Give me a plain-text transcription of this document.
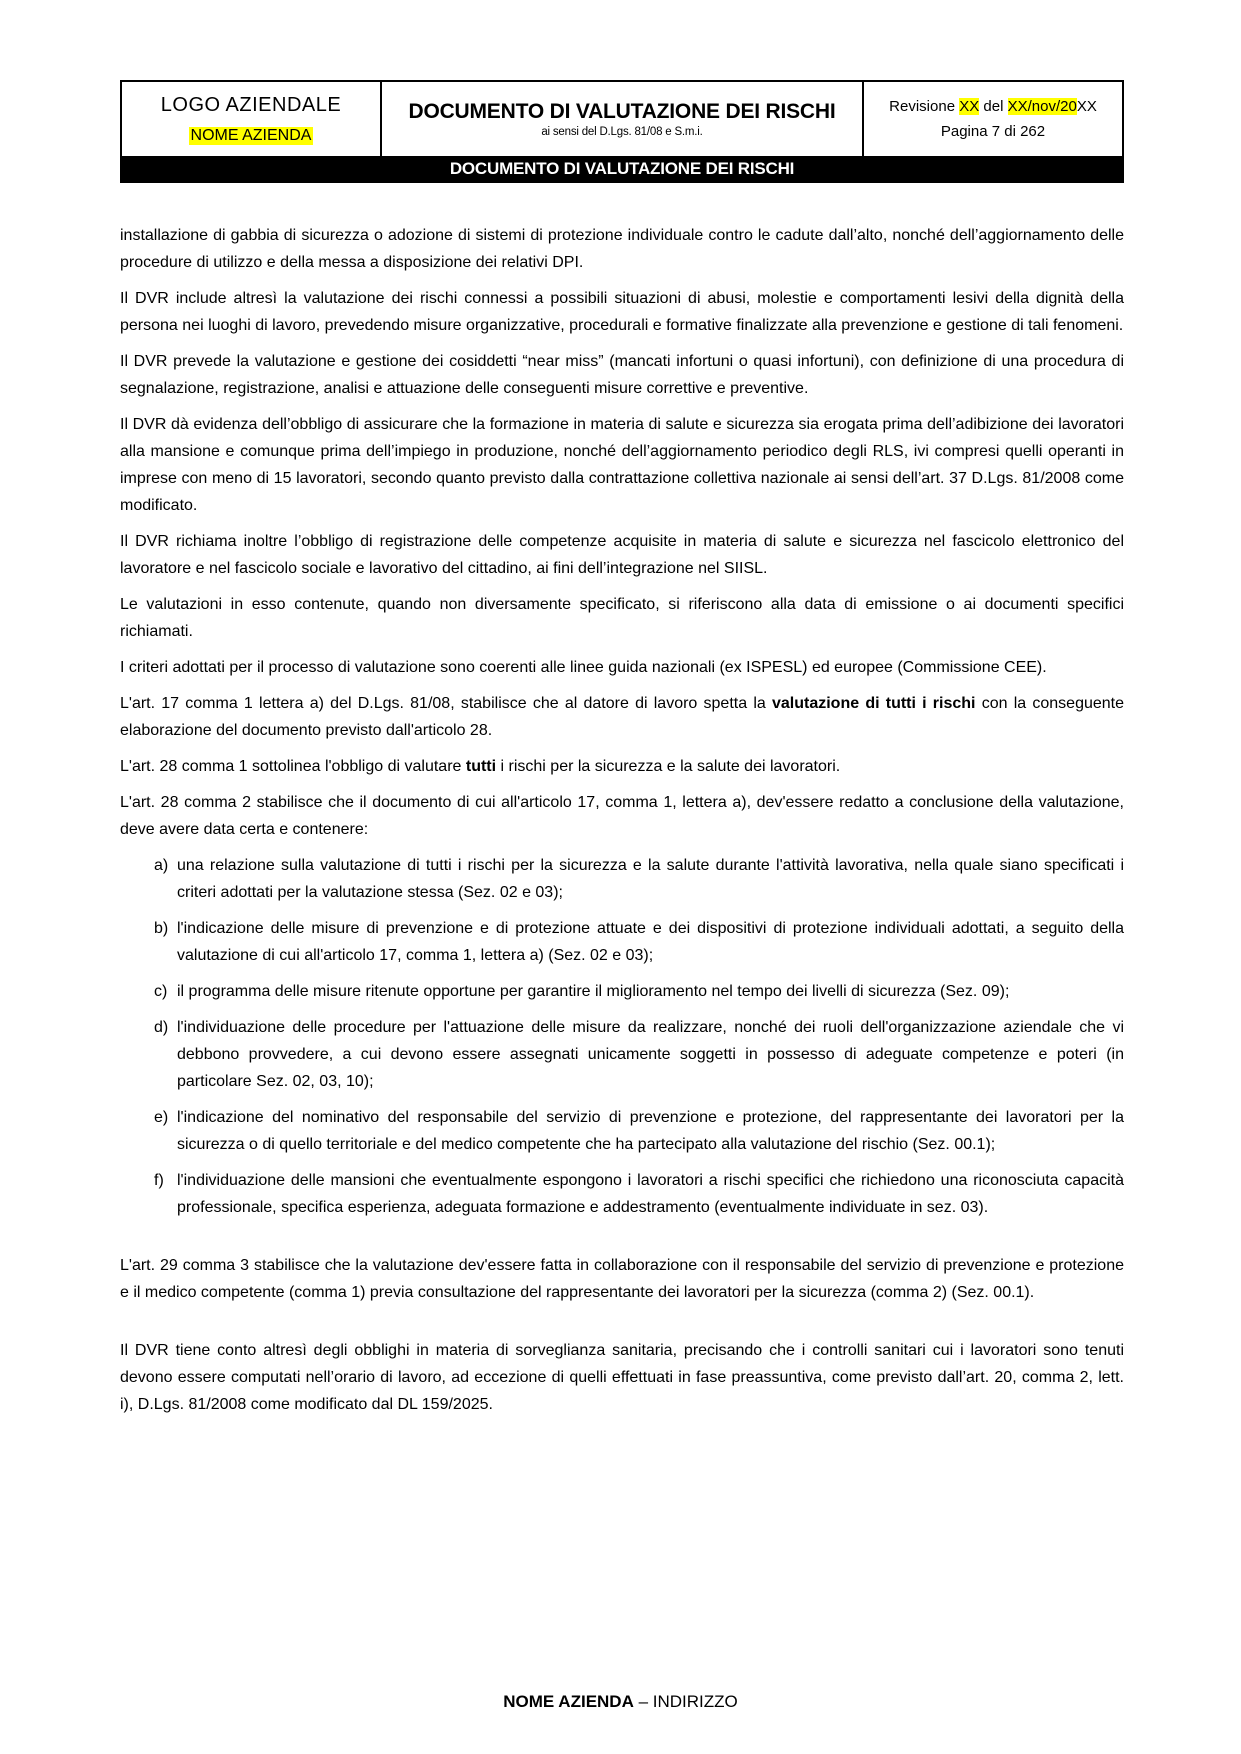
LOGO AZIENDALE
NOME AZIENDA
DOCUMENTO DI VALUTAZIONE DEI RISCHI
ai sensi del D.Lgs. 81/08 e S.m.i.
Revisione XX del XX/nov/20XX
Pagina 7 di 262
DOCUMENTO DI VALUTAZIONE DEI RISCHI

installazione di gabbia di sicurezza o adozione di sistemi di protezione individuale contro le cadute dall’alto, nonché dell’aggiornamento delle procedure di utilizzo e della messa a disposizione dei relativi DPI.

Il DVR include altresì la valutazione dei rischi connessi a possibili situazioni di abusi, molestie e comportamenti lesivi della dignità della persona nei luoghi di lavoro, prevedendo misure organizzative, procedurali e formative finalizzate alla prevenzione e gestione di tali fenomeni.

Il DVR prevede la valutazione e gestione dei cosiddetti “near miss” (mancati infortuni o quasi infortuni), con definizione di una procedura di segnalazione, registrazione, analisi e attuazione delle conseguenti misure correttive e preventive.

Il DVR dà evidenza dell’obbligo di assicurare che la formazione in materia di salute e sicurezza sia erogata prima dell’adibizione dei lavoratori alla mansione e comunque prima dell’impiego in produzione, nonché dell’aggiornamento periodico degli RLS, ivi compresi quelli operanti in imprese con meno di 15 lavoratori, secondo quanto previsto dalla contrattazione collettiva nazionale ai sensi dell’art. 37 D.Lgs. 81/2008 come modificato.

Il DVR richiama inoltre l’obbligo di registrazione delle competenze acquisite in materia di salute e sicurezza nel fascicolo elettronico del lavoratore e nel fascicolo sociale e lavorativo del cittadino, ai fini dell’integrazione nel SIISL.

Le valutazioni in esso contenute, quando non diversamente specificato, si riferiscono alla data di emissione o ai documenti specifici richiamati.

I criteri adottati per il processo di valutazione sono coerenti alle linee guida nazionali (ex ISPESL) ed europee (Commissione CEE).

L'art. 17 comma 1 lettera a) del D.Lgs. 81/08, stabilisce che al datore di lavoro spetta la valutazione di tutti i rischi con la conseguente elaborazione del documento previsto dall'articolo 28.

L'art. 28 comma 1 sottolinea l'obbligo di valutare tutti i rischi per la sicurezza e la salute dei lavoratori.

L'art. 28 comma 2 stabilisce che il documento di cui all'articolo 17, comma 1, lettera a), dev'essere redatto a conclusione della valutazione, deve avere data certa e contenere:

a) una relazione sulla valutazione di tutti i rischi per la sicurezza e la salute durante l'attività lavorativa, nella quale siano specificati i criteri adottati per la valutazione stessa (Sez. 02 e 03);
b) l'indicazione delle misure di prevenzione e di protezione attuate e dei dispositivi di protezione individuali adottati, a seguito della valutazione di cui all'articolo 17, comma 1, lettera a) (Sez. 02 e 03);
c) il programma delle misure ritenute opportune per garantire il miglioramento nel tempo dei livelli di sicurezza (Sez. 09);
d) l'individuazione delle procedure per l'attuazione delle misure da realizzare, nonché dei ruoli dell'organizzazione aziendale che vi debbono provvedere, a cui devono essere assegnati unicamente soggetti in possesso di adeguate competenze e poteri (in particolare Sez. 02, 03, 10);
e) l'indicazione del nominativo del responsabile del servizio di prevenzione e protezione, del rappresentante dei lavoratori per la sicurezza o di quello territoriale e del medico competente che ha partecipato alla valutazione del rischio (Sez. 00.1);
f) l'individuazione delle mansioni che eventualmente espongono i lavoratori a rischi specifici che richiedono una riconosciuta capacità professionale, specifica esperienza, adeguata formazione e addestramento (eventualmente individuate in sez. 03).

L'art. 29 comma 3 stabilisce che la valutazione dev'essere fatta in collaborazione con il responsabile del servizio di prevenzione e protezione e il medico competente (comma 1) previa consultazione del rappresentante dei lavoratori per la sicurezza (comma 2) (Sez. 00.1).

Il DVR tiene conto altresì degli obblighi in materia di sorveglianza sanitaria, precisando che i controlli sanitari cui i lavoratori sono tenuti devono essere computati nell’orario di lavoro, ad eccezione di quelli effettuati in fase preassuntiva, come previsto dall’art. 20, comma 2, lett. i), D.Lgs. 81/2008 come modificato dal DL 159/2025.

NOME AZIENDA – INDIRIZZO
